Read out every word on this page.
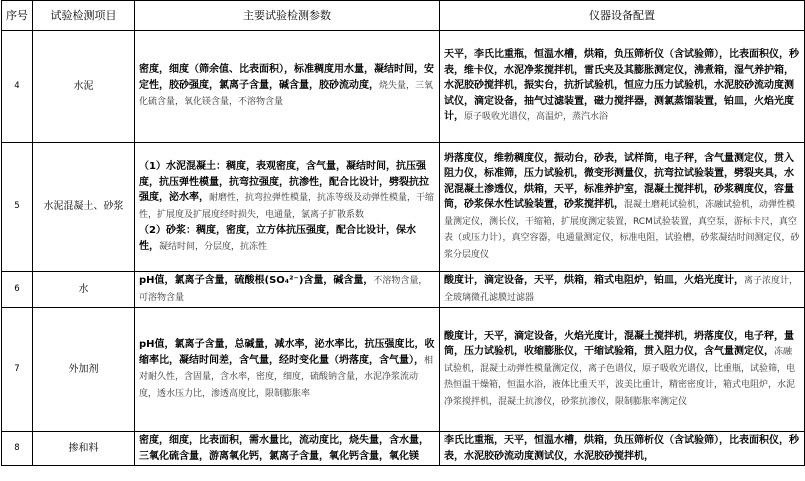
序号	试验检测项目	主要试验检测参数	仪器设备配置
4	水泥	密度，细度（筛余值、比表面积），标准稠度用水量，凝结时间，安定性，胶砂强度，氯离子含量，碱含量，胶砂流动度，烧失量，三氧化硫含量，氧化镁含量，不溶物含量	天平，李氏比重瓶，恒温水槽，烘箱，负压筛析仪（含试验筛），比表面积仪，秒表，维卡仪，水泥净浆搅拌机，雷氏夹及其膨胀测定仪，沸煮箱，湿气养护箱，水泥胶砂搅拌机，振实台，抗折试验机，恒应力压力试验机，水泥胶砂流动度测试仪，滴定设备，抽气过滤装置，磁力搅拌器，测氯蒸馏装置，铂皿，火焰光度计，原子吸收光谱仪，高温炉，蒸汽水浴
5	水泥混凝土、砂浆	（1）水泥混凝土：稠度，表观密度，含气量，凝结时间，抗压强度，抗压弹性模量，抗弯拉强度，抗渗性，配合比设计，劈裂抗拉强度，泌水率，耐磨性，抗弯拉弹性模量，抗冻等级及动弹性模量，干缩性，扩展度及扩展度经时损失，电通量，氯离子扩散系数
（2）砂浆：稠度，密度，立方体抗压强度，配合比设计，保水性，凝结时间，分层度，抗冻性	坍落度仪，维勃稠度仪，振动台，砂表，试样筒，电子秤，含气量测定仪，贯入阻力仪，标准筛，压力试验机，微变形测量仪，抗弯拉试验装置，劈裂夹具，水泥混凝土渗透仪，烘箱，天平，标准养护室，混凝土搅拌机，砂浆稠度仪，容量筒，砂浆保水性试验装置，砂浆搅拌机，混凝土磨耗试验机，冻融试验机，动弹性模量测定仪，测长仪，干缩箱，扩展度测定装置，RCM试验装置，真空泵，游标卡尺，真空表（或压力计），真空容器，电通量测定仪，标准电阻，试验槽，砂浆凝结时间测定仪，砂浆分层度仪
6	水	pH值，氯离子含量，硫酸根(SO₄²⁻)含量，碱含量，不溶物含量，可溶物含量	酸度计，滴定设备，天平，烘箱，箱式电阻炉，铂皿，火焰光度计，离子浓度计，全玻璃微孔滤膜过滤器
7	外加剂	pH值，氯离子含量，总碱量，减水率，泌水率比，抗压强度比，收缩率比，凝结时间差，含气量，经时变化量（坍落度，含气量），相对耐久性，含固量，含水率，密度，细度，硫酸钠含量，水泥净浆流动度，透水压力比，渗透高度比，限制膨胀率	酸度计，天平，滴定设备，火焰光度计，混凝土搅拌机，坍落度仪，电子秤，量筒，压力试验机，收缩膨胀仪，干缩试验箱，贯入阻力仪，含气量测定仪，冻融试验机，混凝土动弹性模量测定仪，离子色谱仪，原子吸收光谱仪，比重瓶，试验筛，电热恒温干燥箱，恒温水浴，液体比重天平，波美比重计，精密密度计，箱式电阻炉，水泥净浆搅拌机，混凝土抗渗仪，砂浆抗渗仪，限制膨胀率测定仪
8	掺和料	密度，细度，比表面积，需水量比，流动度比，烧失量，含水量，三氧化硫含量，游离氧化钙，氯离子含量，氧化钙含量，氧化镁	李氏比重瓶，天平，恒温水槽，烘箱，负压筛析仪（含试验筛），比表面积仪，秒表，水泥胶砂流动度测试仪，水泥胶砂搅拌机，
